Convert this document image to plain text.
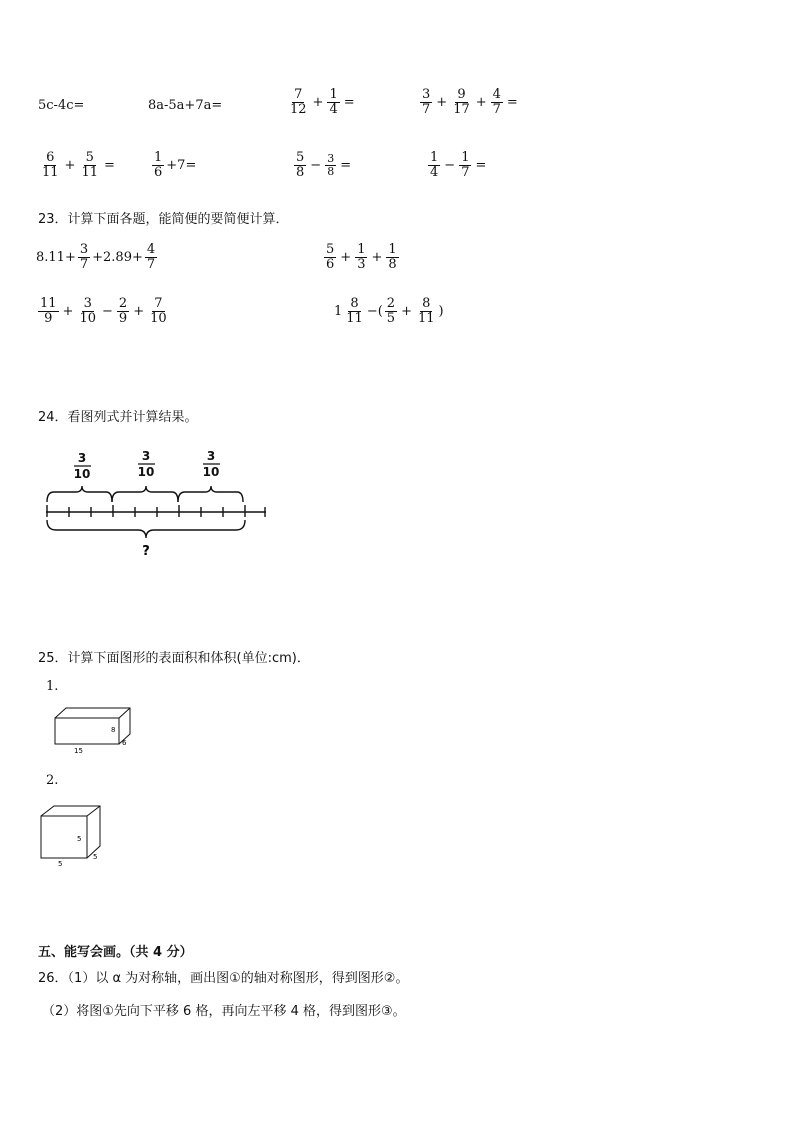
5c-4c=	8a-5a+7a=	$\frac{7}{12} + \frac{1}{4}$ =	$\frac{3}{7} + \frac{9}{17} + \frac{4}{7}$ =
$\frac{6}{11} + \frac{5}{11}$ =	$\frac{1}{6} +7=$	$\frac{5}{8} - \frac{3}{8}$ =	$\frac{1}{4} - \frac{1}{7}$ =
23．计算下面各题，能简便的要简便计算．
$8.11+ \frac{3}{7} +2.89+ \frac{4}{7}$	$\frac{5}{6} + \frac{1}{3} + \frac{1}{8}$
$\frac{11}{9} + \frac{3}{10} - \frac{2}{9} + \frac{7}{10}$	$1 \frac{8}{11}$ −( $\frac{2}{5} + \frac{8}{11}$ )
24．看图列式并计算结果。
3
10
3
10
3
10
?
25．计算下面图形的表面积和体积(单位:cm)．
1.
8
15
6
2.
5
5
5
五、能写会画。（共 4 分）
26．（1）以 α 为对称轴，画出图①的轴对称图形，得到图形②。
（2）将图①先向下平移 6 格，再向左平移 4 格，得到图形③。
